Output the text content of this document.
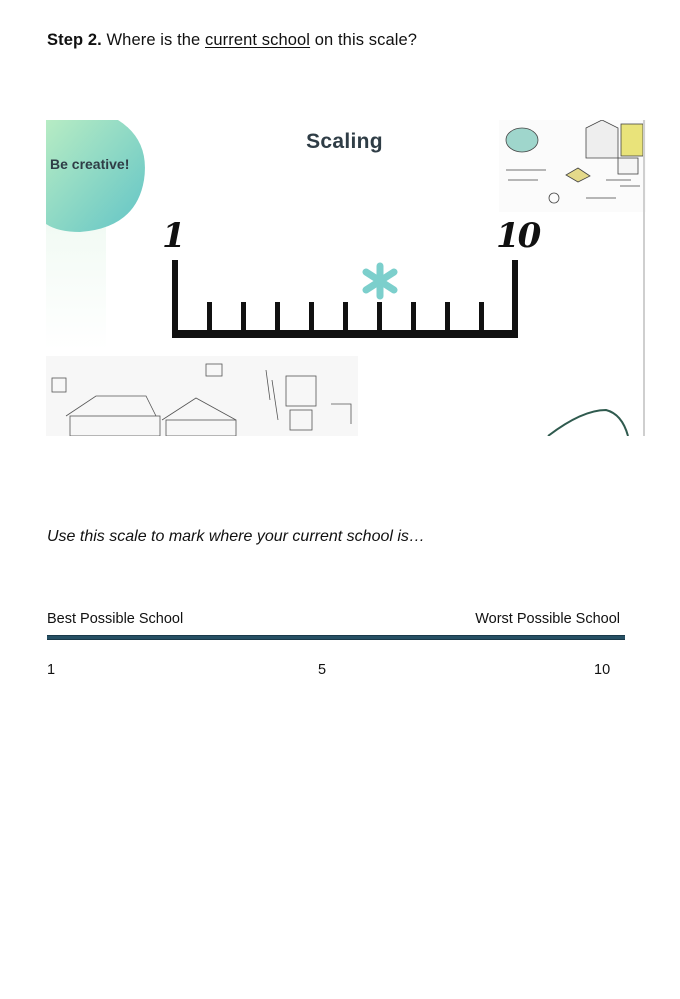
Step 2. Where is the current school on this scale?
Be creative!
Scaling
1	10
Use this scale to mark where your current school is…
Best Possible School	Worst Possible School
1	5	10
